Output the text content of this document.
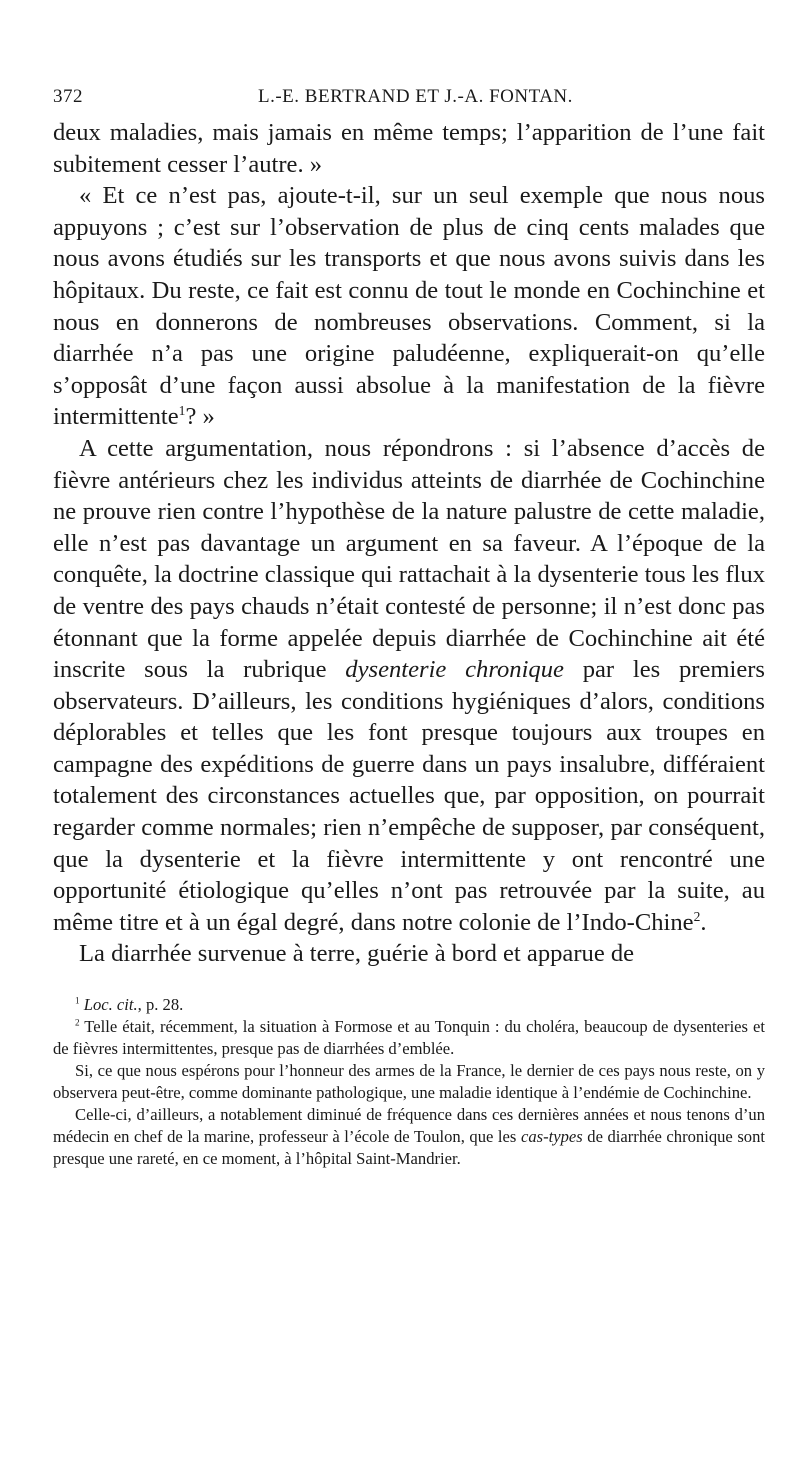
372	L.-E. BERTRAND ET J.-A. FONTAN.

deux maladies, mais jamais en même temps; l’apparition de l’une fait subitement cesser l’autre. »

« Et ce n’est pas, ajoute-t-il, sur un seul exemple que nous nous appuyons ; c’est sur l’observation de plus de cinq cents malades que nous avons étudiés sur les transports et que nous avons suivis dans les hôpitaux. Du reste, ce fait est connu de tout le monde en Cochinchine et nous en donnerons de nombreuses observations. Comment, si la diarrhée n’a pas une origine paludéenne, expliquerait-on qu’elle s’opposât d’une façon aussi absolue à la manifestation de la fièvre intermittente$^1$? »

A cette argumentation, nous répondrons : si l’absence d’accès de fièvre antérieurs chez les individus atteints de diarrhée de Cochinchine ne prouve rien contre l’hypothèse de la nature palustre de cette maladie, elle n’est pas davantage un argument en sa faveur. A l’époque de la conquête, la doctrine classique qui rattachait à la dysenterie tous les flux de ventre des pays chauds n’était contesté de personne; il n’est donc pas étonnant que la forme appelée depuis diarrhée de Cochinchine ait été inscrite sous la rubrique dysenterie chronique par les premiers observateurs. D’ailleurs, les conditions hygiéniques d’alors, conditions déplorables et telles que les font presque toujours aux troupes en campagne des expéditions de guerre dans un pays insalubre, différaient totalement des circonstances actuelles que, par opposition, on pourrait regarder comme normales; rien n’empêche de supposer, par conséquent, que la dysenterie et la fièvre intermittente y ont rencontré une opportunité étiologique qu’elles n’ont pas retrouvée par la suite, au même titre et à un égal degré, dans notre colonie de l’Indo-Chine$^2$.

La diarrhée survenue à terre, guérie à bord et apparue de

$^1$ Loc. cit., p. 28.

$^2$ Telle était, récemment, la situation à Formose et au Tonquin : du choléra, beaucoup de dysenteries et de fièvres intermittentes, presque pas de diarrhées d’emblée.

Si, ce que nous espérons pour l’honneur des armes de la France, le dernier de ces pays nous reste, on y observera peut-être, comme dominante pathologique, une maladie identique à l’endémie de Cochinchine.

Celle-ci, d’ailleurs, a notablement diminué de fréquence dans ces dernières années et nous tenons d’un médecin en chef de la marine, professeur à l’école de Toulon, que les cas-types de diarrhée chronique sont presque une rareté, en ce moment, à l’hôpital Saint-Mandrier.
